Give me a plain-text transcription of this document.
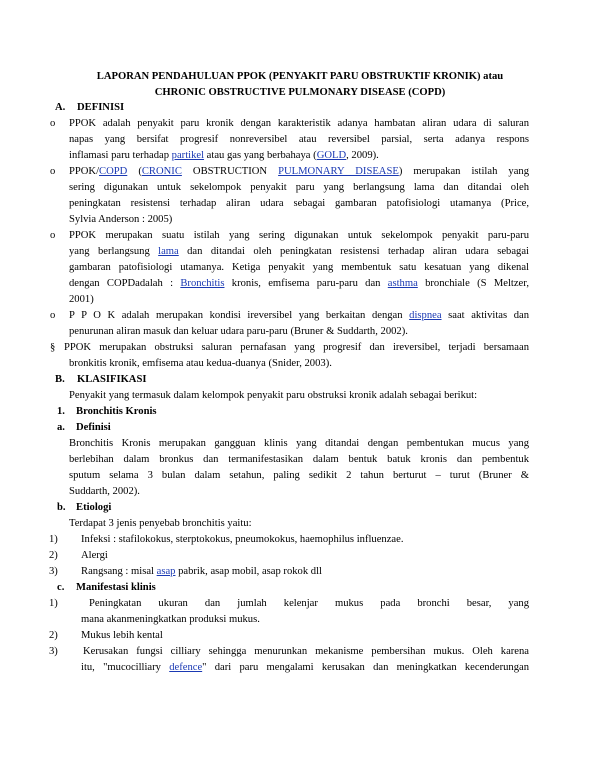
LAPORAN PENDAHULUAN PPOK (PENYAKIT PARU OBSTRUKTIF KRONIK) atau
CHRONIC OBSTRUCTIVE PULMONARY DISEASE (COPD)
A. DEFINISI
o PPOK adalah penyakit paru kronik dengan karakteristik adanya hambatan aliran udara di saluran
napas yang bersifat progresif nonreversibel atau reversibel parsial, serta adanya respons
inflamasi paru terhadap partikel atau gas yang berbahaya (GOLD, 2009).
o PPOK/COPD (CRONIC OBSTRUCTION PULMONARY DISEASE) merupakan istilah yang
sering digunakan untuk sekelompok penyakit paru yang berlangsung lama dan ditandai oleh
peningkatan resistensi terhadap aliran udara sebagai gambaran patofisiologi utamanya (Price,
Sylvia Anderson : 2005)
o PPOK merupakan suatu istilah yang sering digunakan untuk sekelompok penyakit paru-paru
yang berlangsung lama dan ditandai oleh peningkatan resistensi terhadap aliran udara sebagai
gambaran patofisiologi utamanya. Ketiga penyakit yang membentuk satu kesatuan yang dikenal
dengan COPDadalah : Bronchitis kronis, emfisema paru-paru dan asthma bronchiale (S Meltzer,
2001)
o P P O K adalah merupakan kondisi ireversibel yang berkaitan dengan dispnea saat aktivitas dan
penurunan aliran masuk dan keluar udara paru-paru (Bruner & Suddarth, 2002).
§ PPOK merupakan obstruksi saluran pernafasan yang progresif dan ireversibel, terjadi bersamaan
bronkitis kronik, emfisema atau kedua-duanya (Snider, 2003).
B. KLASIFIKASI
Penyakit yang termasuk dalam kelompok penyakit paru obstruksi kronik adalah sebagai berikut:
1. Bronchitis Kronis
a. Definisi
Bronchitis Kronis merupakan gangguan klinis yang ditandai dengan pembentukan mucus yang
berlebihan dalam bronkus dan termanifestasikan dalam bentuk batuk kronis dan pembentuk
sputum selama 3 bulan dalam setahun, paling sedikit 2 tahun berturut – turut (Bruner &
Suddarth, 2002).
b. Etiologi
Terdapat 3 jenis penyebab bronchitis yaitu:
1) Infeksi : stafilokokus, sterptokokus, pneumokokus, haemophilus influenzae.
2) Alergi
3) Rangsang : misal asap pabrik, asap mobil, asap rokok dll
c. Manifestasi klinis
1)	Peningkatan ukuran dan jumlah kelenjar mukus pada bronchi besar, yang
mana akanmeningkatkan produksi mukus.
2) Mukus lebih kental
3) Kerusakan fungsi cilliary sehingga menurunkan mekanisme pembersihan mukus. Oleh karena
itu, "mucocilliary defence" dari paru mengalami kerusakan dan meningkatkan kecenderungan
